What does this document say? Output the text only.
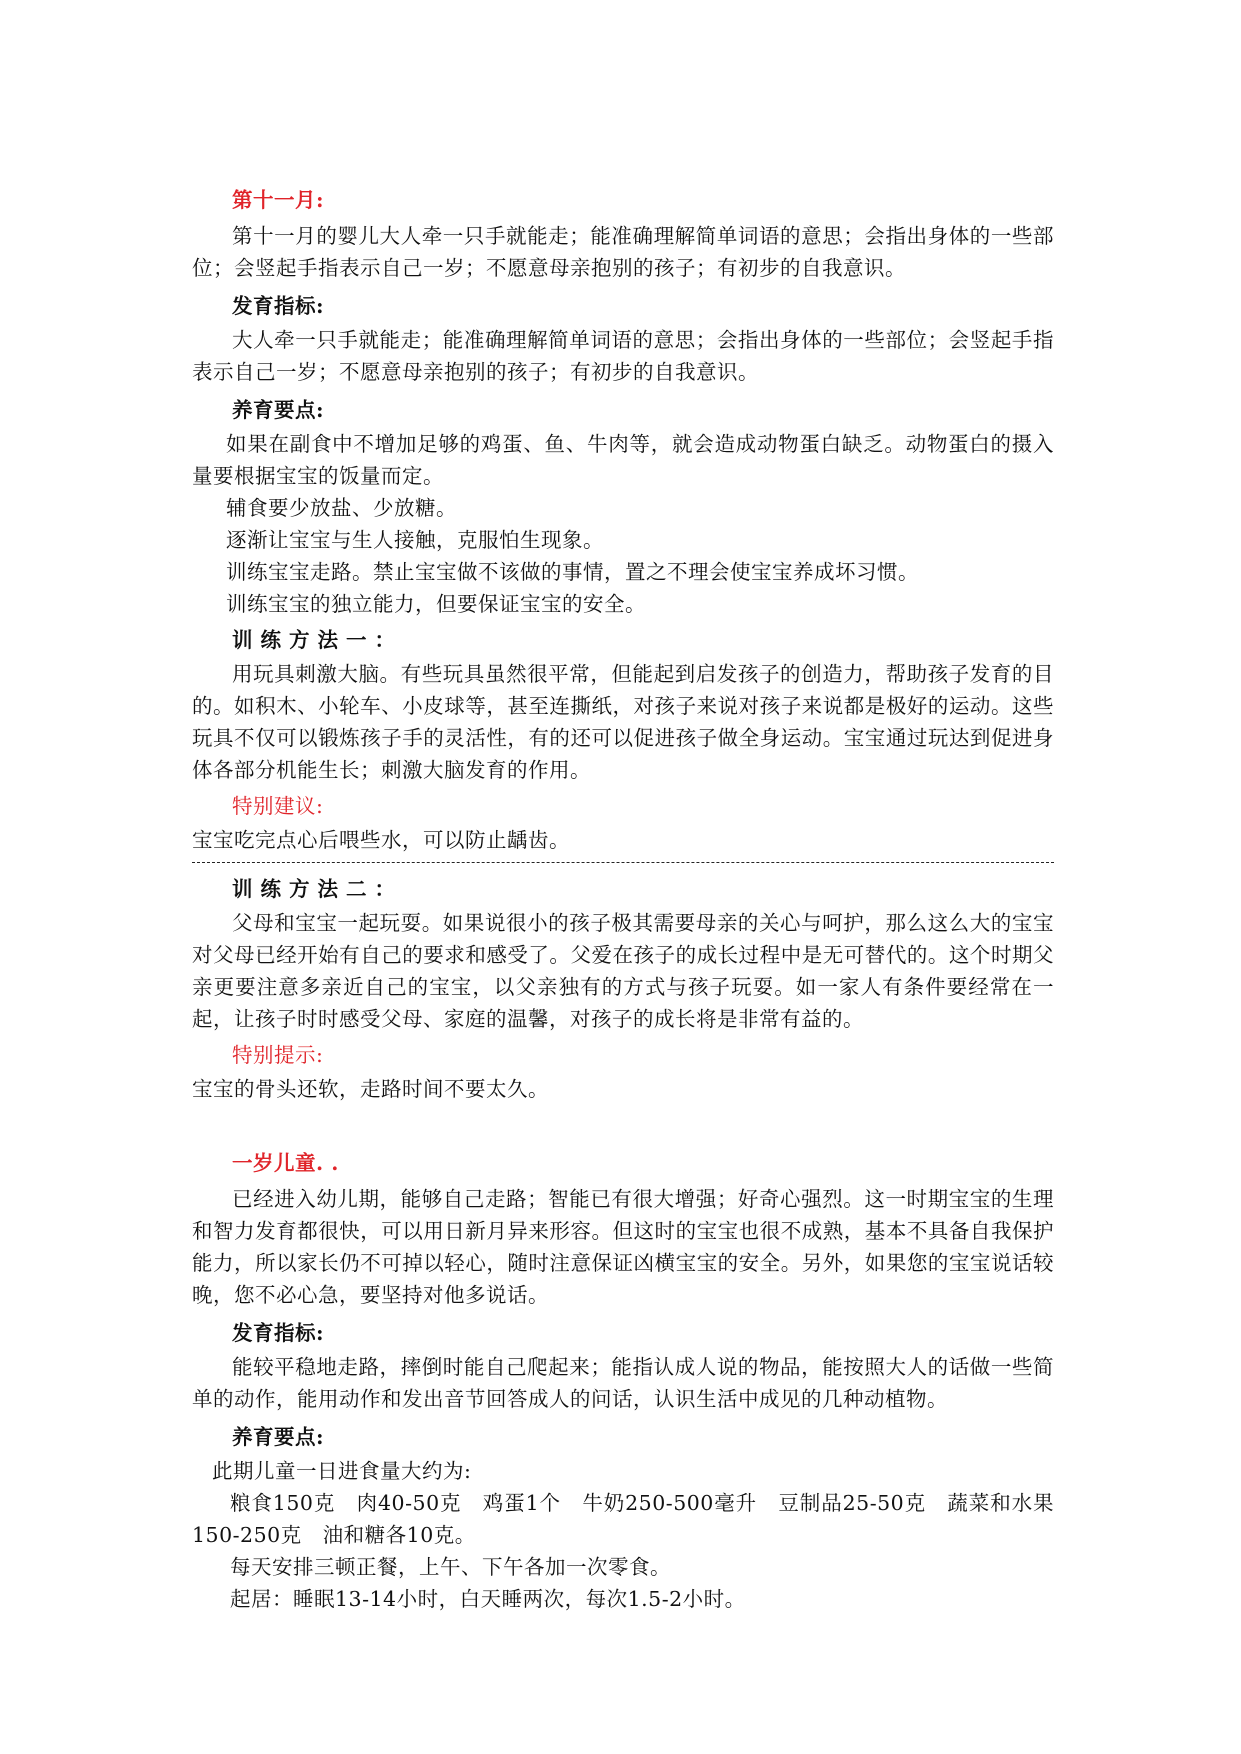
第十一月:

第十一月的婴儿大人牵一只手就能走；能准确理解简单词语的意思；会指出身体的一些部位；会竖起手指表示自己一岁；不愿意母亲抱别的孩子；有初步的自我意识。

发育指标:

大人牵一只手就能走；能准确理解简单词语的意思；会指出身体的一些部位；会竖起手指表示自己一岁；不愿意母亲抱别的孩子；有初步的自我意识。

养育要点:

如果在副食中不增加足够的鸡蛋、鱼、牛肉等，就会造成动物蛋白缺乏。动物蛋白的摄入量要根据宝宝的饭量而定。

辅食要少放盐、少放糖。

逐渐让宝宝与生人接触，克服怕生现象。

训练宝宝走路。禁止宝宝做不该做的事情，置之不理会使宝宝养成坏习惯。

训练宝宝的独立能力，但要保证宝宝的安全。

训练方法一：

用玩具刺激大脑。有些玩具虽然很平常，但能起到启发孩子的创造力，帮助孩子发育的目的。如积木、小轮车、小皮球等，甚至连撕纸，对孩子来说对孩子来说都是极好的运动。这些玩具不仅可以锻炼孩子手的灵活性，有的还可以促进孩子做全身运动。宝宝通过玩达到促进身体各部分机能生长；刺激大脑发育的作用。

特别建议:

宝宝吃完点心后喂些水，可以防止龋齿。

训练方法二：

父母和宝宝一起玩耍。如果说很小的孩子极其需要母亲的关心与呵护，那么这么大的宝宝对父母已经开始有自己的要求和感受了。父爱在孩子的成长过程中是无可替代的。这个时期父亲更要注意多亲近自己的宝宝，以父亲独有的方式与孩子玩耍。如一家人有条件要经常在一起，让孩子时时感受父母、家庭的温馨，对孩子的成长将是非常有益的。

特别提示:

宝宝的骨头还软，走路时间不要太久。

一岁儿童. .

已经进入幼儿期，能够自己走路；智能已有很大增强；好奇心强烈。这一时期宝宝的生理和智力发育都很快，可以用日新月异来形容。但这时的宝宝也很不成熟，基本不具备自我保护能力，所以家长仍不可掉以轻心，随时注意保证凶横宝宝的安全。另外，如果您的宝宝说话较晚，您不必心急，要坚持对他多说话。

发育指标:

能较平稳地走路，摔倒时能自己爬起来；能指认成人说的物品，能按照大人的话做一些简单的动作，能用动作和发出音节回答成人的问话，认识生活中成见的几种动植物。

养育要点:

此期儿童一日进食量大约为:

粮食150克　肉40-50克　鸡蛋1个　牛奶250-500毫升　豆制品25-50克　蔬菜和水果150-250克　油和糖各10克。

每天安排三顿正餐，上午、下午各加一次零食。

起居：睡眠13-14小时，白天睡两次，每次1.5-2小时。
